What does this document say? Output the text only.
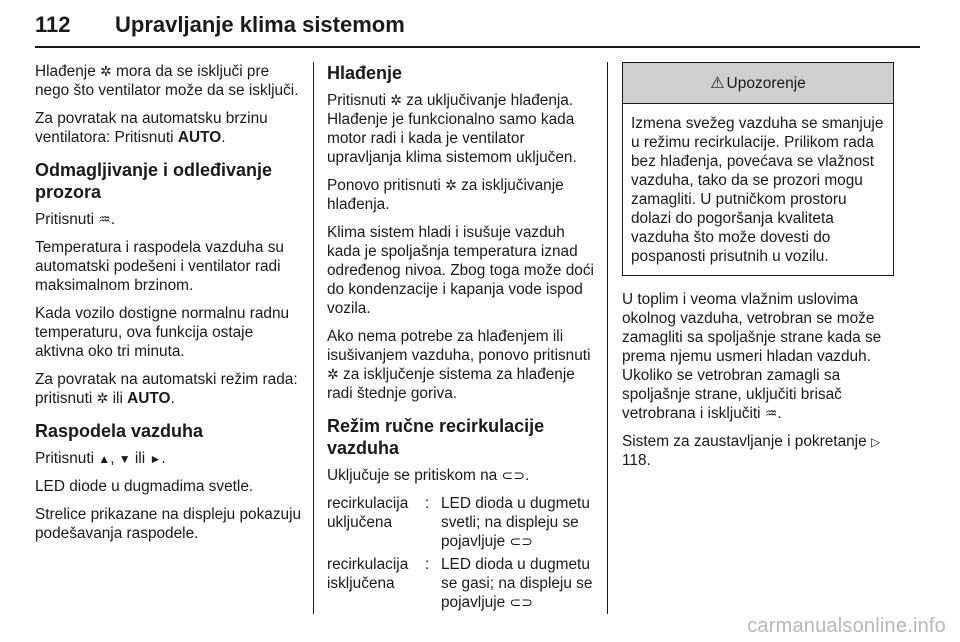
112 Upravljanje klima sistemom

Hlađenje ✲ mora da se isključi pre nego što ventilator može da se isključi.

Za povratak na automatsku brzinu ventilatora: Pritisnuti AUTO.

Odmagljivanje i odleđivanje prozora

Pritisnuti ♒.

Temperatura i raspodela vazduha su automatski podešeni i ventilator radi maksimalnom brzinom.

Kada vozilo dostigne normalnu radnu temperaturu, ova funkcija ostaje aktivna oko tri minuta.

Za povratak na automatski režim rada: pritisnuti ✲ ili AUTO.

Raspodela vazduha

Pritisnuti ▲, ▼ ili ►.

LED diode u dugmadima svetle.

Strelice prikazane na displeju pokazuju podešavanja raspodele.

Hlađenje

Pritisnuti ✲ za uključivanje hlađenja. Hlađenje je funkcionalno samo kada motor radi i kada je ventilator upravljanja klima sistemom uključen.

Ponovo pritisnuti ✲ za isključivanje hlađenja.

Klima sistem hladi i isušuje vazduh kada je spoljašnja temperatura iznad određenog nivoa. Zbog toga može doći do kondenzacije i kapanja vode ispod vozila.

Ako nema potrebe za hlađenjem ili isušivanjem vazduha, ponovo pritisnuti ✲ za isključenje sistema za hlađenje radi štednje goriva.

Režim ručne recirkulacije vazduha

Uključuje se pritiskom na ⊂⊃.

recirkulacija uključena
: LED dioda u dugmetu svetli; na displeju se pojavljuje ⊂⊃
recirkulacija isključena
: LED dioda u dugmetu se gasi; na displeju se pojavljuje ⊂⊃
⚠ Upozorenje
Izmena svežeg vazduha se smanjuje u režimu recirkulacije. Prilikom rada bez hlađenja, povećava se vlažnost vazduha, tako da se prozori mogu zamagliti. U putničkom prostoru dolazi do pogoršanja kvaliteta vazduha što može dovesti do pospanosti prisutnih u vozilu.

U toplim i veoma vlažnim uslovima okolnog vazduha, vetrobran se može zamagliti sa spoljašnje strane kada se prema njemu usmeri hladan vazduh. Ukoliko se vetrobran zamagli sa spoljašnje strane, uključiti brisač vetrobrana i isključiti ♒.

Sistem za zaustavljanje i pokretanje ▷ 118.

carmanualsonline.info
